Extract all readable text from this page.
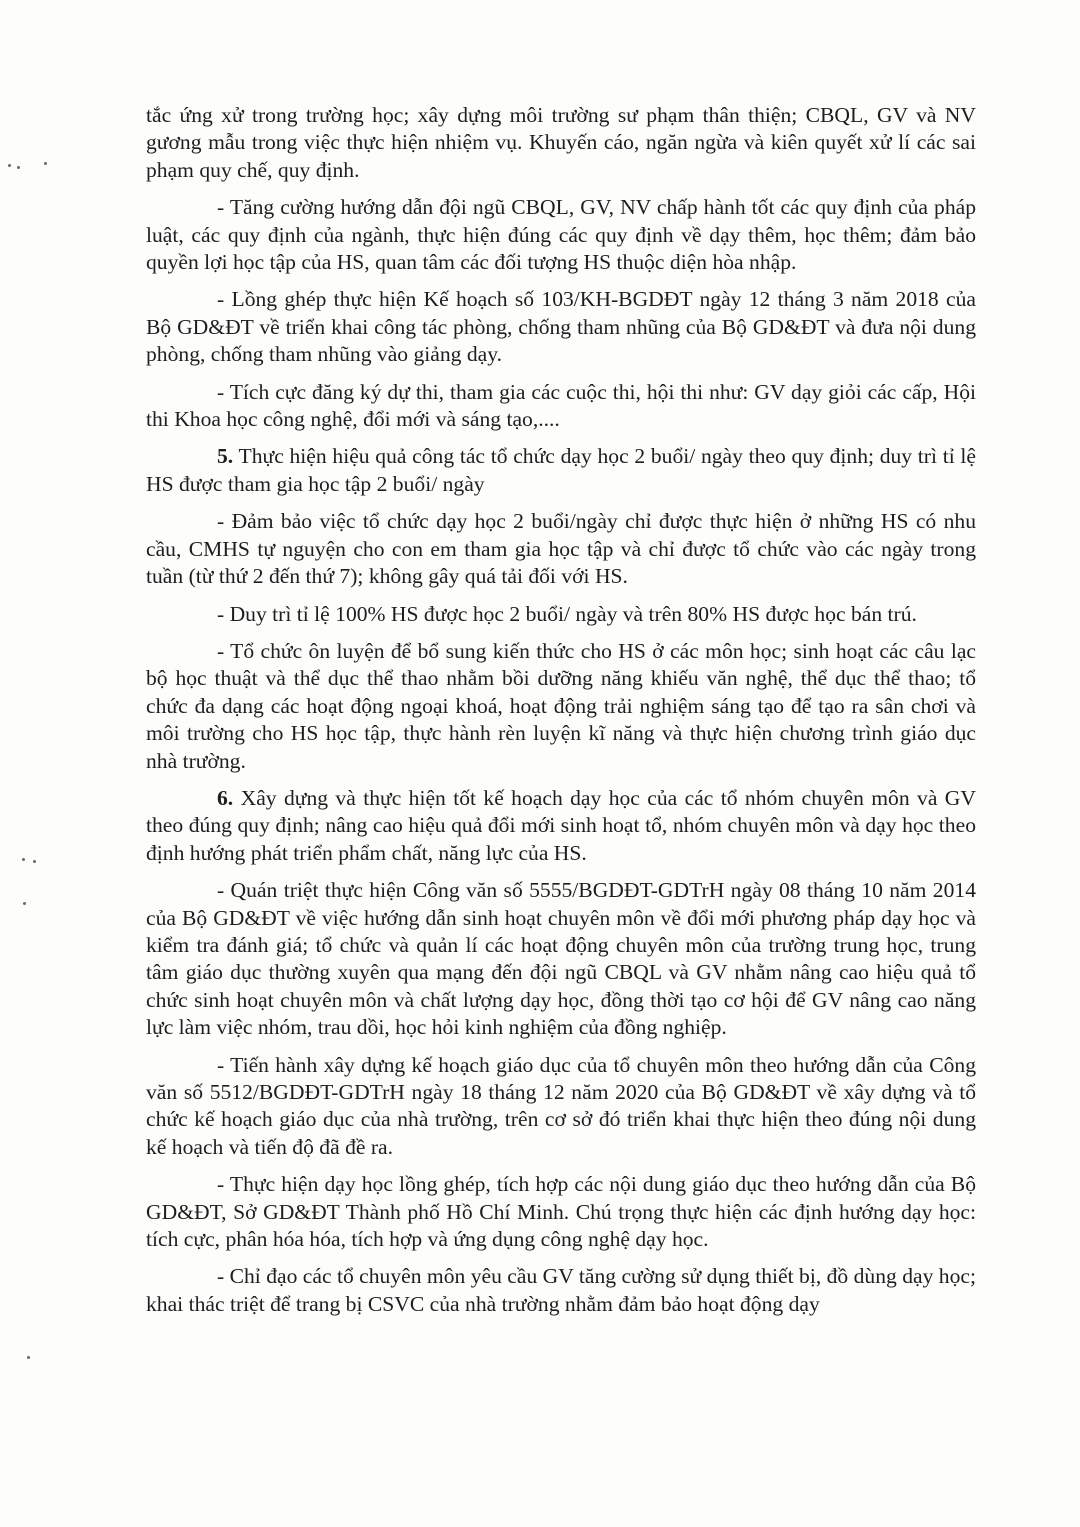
tắc ứng xử trong trường học; xây dựng môi trường sư phạm thân thiện; CBQL, GV và NV gương mẫu trong việc thực hiện nhiệm vụ. Khuyến cáo, ngăn ngừa và kiên quyết xử lí các sai phạm quy chế, quy định.

- Tăng cường hướng dẫn đội ngũ CBQL, GV, NV chấp hành tốt các quy định của pháp luật, các quy định của ngành, thực hiện đúng các quy định về dạy thêm, học thêm; đảm bảo quyền lợi học tập của HS, quan tâm các đối tượng HS thuộc diện hòa nhập.

- Lồng ghép thực hiện Kế hoạch số 103/KH-BGDĐT ngày 12 tháng 3 năm 2018 của Bộ GD&ĐT về triển khai công tác phòng, chống tham nhũng của Bộ GD&ĐT và đưa nội dung phòng, chống tham nhũng vào giảng dạy.

- Tích cực đăng ký dự thi, tham gia các cuộc thi, hội thi như: GV dạy giỏi các cấp, Hội thi Khoa học công nghệ, đổi mới và sáng tạo,....

5. Thực hiện hiệu quả công tác tổ chức dạy học 2 buổi/ ngày theo quy định; duy trì tỉ lệ HS được tham gia học tập 2 buổi/ ngày

- Đảm bảo việc tổ chức dạy học 2 buổi/ngày chỉ được thực hiện ở những HS có nhu cầu, CMHS tự nguyện cho con em tham gia học tập và chỉ được tổ chức vào các ngày trong tuần (từ thứ 2 đến thứ 7); không gây quá tải đối với HS.

- Duy trì tỉ lệ 100% HS được học 2 buổi/ ngày và trên 80% HS được học bán trú.

- Tổ chức ôn luyện để bổ sung kiến thức cho HS ở các môn học; sinh hoạt các câu lạc bộ học thuật và thể dục thể thao nhằm bồi dưỡng năng khiếu văn nghệ, thể dục thể thao; tổ chức đa dạng các hoạt động ngoại khoá, hoạt động trải nghiệm sáng tạo để tạo ra sân chơi và môi trường cho HS học tập, thực hành rèn luyện kĩ năng và thực hiện chương trình giáo dục nhà trường.

6. Xây dựng và thực hiện tốt kế hoạch dạy học của các tổ nhóm chuyên môn và GV theo đúng quy định; nâng cao hiệu quả đổi mới sinh hoạt tổ, nhóm chuyên môn và dạy học theo định hướng phát triển phẩm chất, năng lực của HS.

- Quán triệt thực hiện Công văn số 5555/BGDĐT-GDTrH ngày 08 tháng 10 năm 2014 của Bộ GD&ĐT về việc hướng dẫn sinh hoạt chuyên môn về đổi mới phương pháp dạy học và kiểm tra đánh giá; tổ chức và quản lí các hoạt động chuyên môn của trường trung học, trung tâm giáo dục thường xuyên qua mạng đến đội ngũ CBQL và GV nhằm nâng cao hiệu quả tổ chức sinh hoạt chuyên môn và chất lượng dạy học, đồng thời tạo cơ hội để GV nâng cao năng lực làm việc nhóm, trau dồi, học hỏi kinh nghiệm của đồng nghiệp.

- Tiến hành xây dựng kế hoạch giáo dục của tổ chuyên môn theo hướng dẫn của Công văn số 5512/BGDĐT-GDTrH ngày 18 tháng 12 năm 2020 của Bộ GD&ĐT về xây dựng và tổ chức kế hoạch giáo dục của nhà trường, trên cơ sở đó triển khai thực hiện theo đúng nội dung kế hoạch và tiến độ đã đề ra.

- Thực hiện dạy học lồng ghép, tích hợp các nội dung giáo dục theo hướng dẫn của Bộ GD&ĐT, Sở GD&ĐT Thành phố Hồ Chí Minh. Chú trọng thực hiện các định hướng dạy học: tích cực, phân hóa hóa, tích hợp và ứng dụng công nghệ dạy học.

- Chỉ đạo các tổ chuyên môn yêu cầu GV tăng cường sử dụng thiết bị, đồ dùng dạy học; khai thác triệt để trang bị CSVC của nhà trường nhằm đảm bảo hoạt động dạy
